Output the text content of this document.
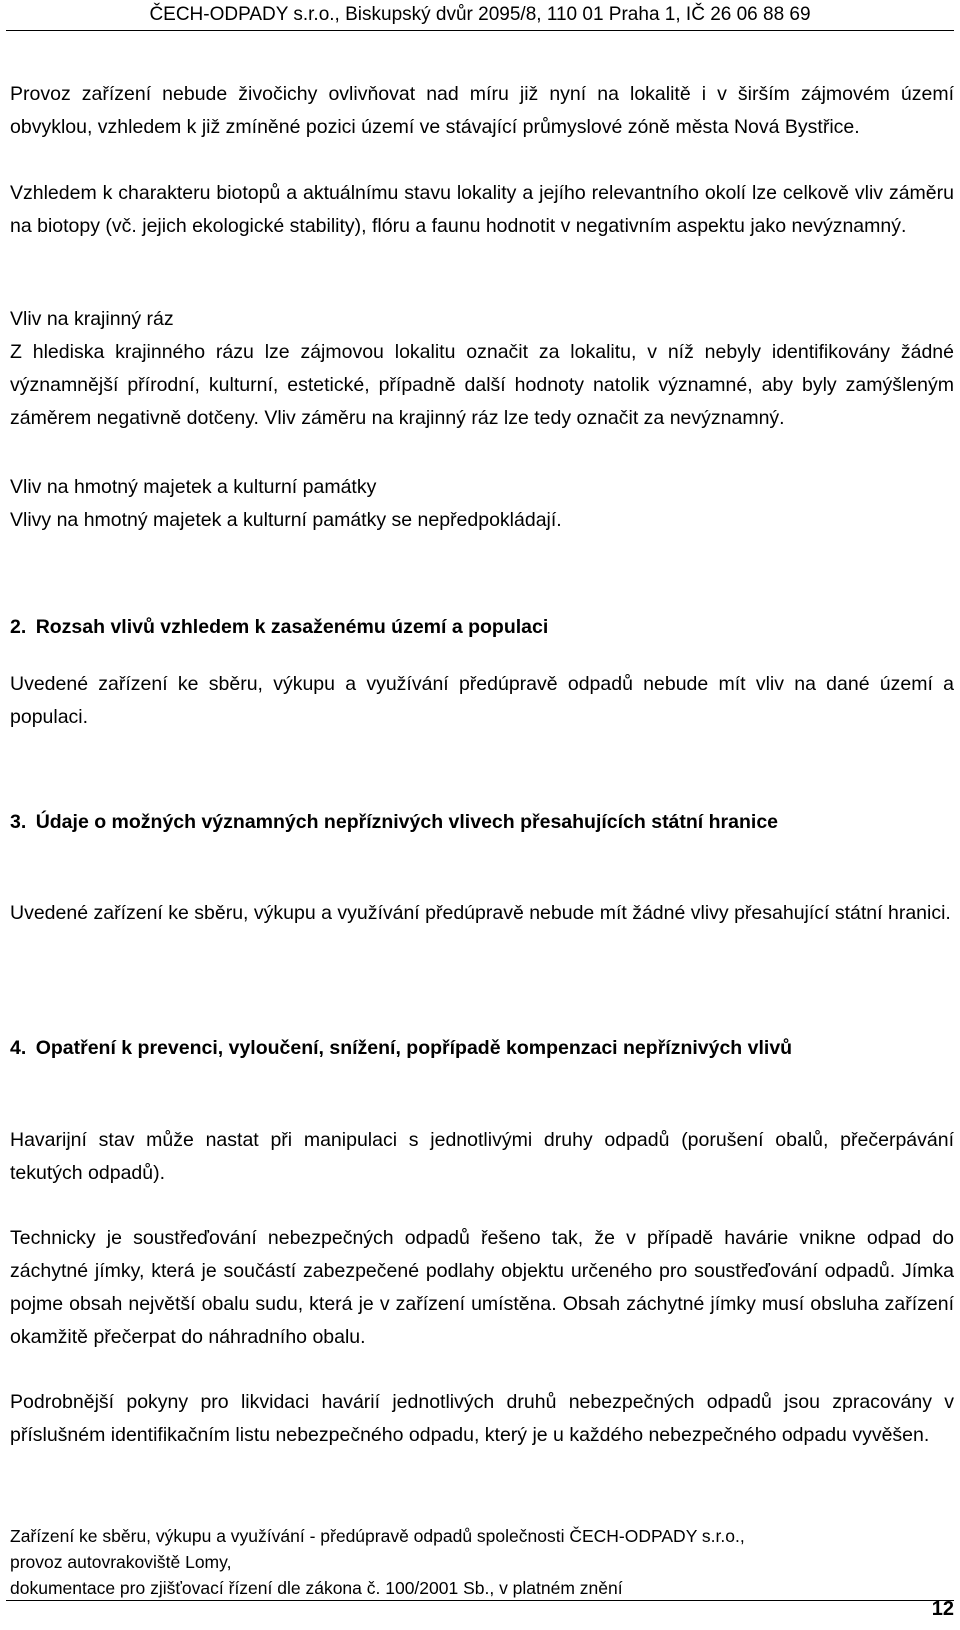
ČECH-ODPADY s.r.o., Biskupský dvůr 2095/8, 110 01 Praha 1, IČ 26 06 88 69
Provoz zařízení nebude živočichy ovlivňovat nad míru již nyní na lokalitě i v širším zájmovém území obvyklou, vzhledem k již zmíněné pozici území ve stávající průmyslové zóně města Nová Bystřice.
Vzhledem k charakteru biotopů a aktuálnímu stavu lokality a jejího relevantního okolí lze celkově vliv záměru na biotopy (vč. jejich ekologické stability), flóru a faunu hodnotit v negativním aspektu jako nevýznamný.
Vliv na krajinný ráz
Z hlediska krajinného rázu lze zájmovou lokalitu označit za lokalitu, v níž nebyly identifikovány žádné významnější přírodní, kulturní, estetické, případně další hodnoty natolik významné, aby byly zamýšleným záměrem negativně dotčeny. Vliv záměru na krajinný ráz lze tedy označit za nevýznamný.
Vliv na hmotný majetek a kulturní památky
Vlivy na hmotný majetek a kulturní památky se nepředpokládají.
2. Rozsah vlivů vzhledem k zasaženému území a populaci
Uvedené zařízení ke sběru, výkupu a využívání předúpravě odpadů nebude mít vliv na dané území a populaci.
3. Údaje o možných významných nepříznivých vlivech přesahujících státní hranice
Uvedené zařízení ke sběru, výkupu a využívání předúpravě nebude mít žádné vlivy přesahující státní hranici.
4. Opatření k prevenci, vyloučení, snížení, popřípadě kompenzaci nepříznivých vlivů
Havarijní stav může nastat při manipulaci s jednotlivými druhy odpadů (porušení obalů, přečerpávání tekutých odpadů).
Technicky je soustřeďování nebezpečných odpadů řešeno tak, že v případě havárie vnikne odpad do záchytné jímky, která je součástí zabezpečené podlahy objektu určeného pro soustřeďování odpadů. Jímka pojme obsah největší obalu sudu, která je v zařízení umístěna. Obsah záchytné jímky musí obsluha zařízení okamžitě přečerpat do náhradního obalu.
Podrobnější pokyny pro likvidaci havárií jednotlivých druhů nebezpečných odpadů jsou zpracovány v příslušném identifikačním listu nebezpečného odpadu, který je u každého nebezpečného odpadu vyvěšen.
Zařízení ke sběru, výkupu a využívání - předúpravě odpadů společnosti ČECH-ODPADY s.r.o.,
provoz autovrakoviště Lomy,
dokumentace pro zjišťovací řízení dle zákona č. 100/2001 Sb., v platném znění
12
